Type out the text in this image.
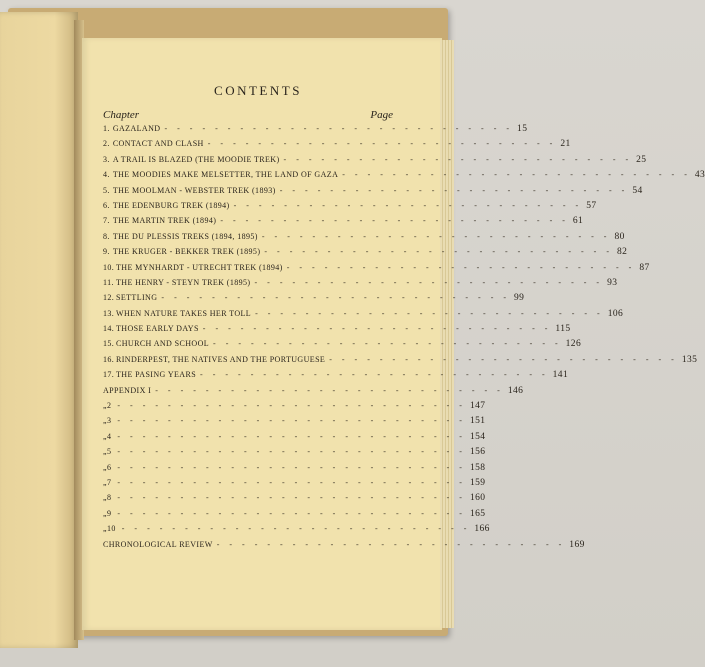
CONTENTS
Chapter	Page
1. GAZALAND - - - - - - - - - - - - - - - - - - - - - - - - - - - - 15
2. CONTACT AND CLASH - - - - - - - - - - - - - - - - - - - - - - - - - - - - 21
3. A TRAIL IS BLAZED (THE MOODIE TREK) - - - - - - - - - - - - - - - - - - - - - - - - - - - - 25
4. THE MOODIES MAKE MELSETTER, THE LAND OF GAZA - - - - - - - - - - - - - - - - - - - - - - - - - - - - 43
5. THE MOOLMAN - WEBSTER TREK (1893) - - - - - - - - - - - - - - - - - - - - - - - - - - - - 54
6. THE EDENBURG TREK (1894) - - - - - - - - - - - - - - - - - - - - - - - - - - - - 57
7. THE MARTIN TREK (1894) - - - - - - - - - - - - - - - - - - - - - - - - - - - - 61
8. THE DU PLESSIS TREKS (1894, 1895) - - - - - - - - - - - - - - - - - - - - - - - - - - - - 80
9. THE KRUGER - BEKKER TREK (1895) - - - - - - - - - - - - - - - - - - - - - - - - - - - - 82
10. THE MYNHARDT - UTRECHT TREK (1894) - - - - - - - - - - - - - - - - - - - - - - - - - - - - 87
11. THE HENRY - STEYN TREK (1895) - - - - - - - - - - - - - - - - - - - - - - - - - - - - 93
12. SETTLING - - - - - - - - - - - - - - - - - - - - - - - - - - - - 99
13. WHEN NATURE TAKES HER TOLL - - - - - - - - - - - - - - - - - - - - - - - - - - - - 106
14. THOSE EARLY DAYS - - - - - - - - - - - - - - - - - - - - - - - - - - - - 115
15. CHURCH AND SCHOOL - - - - - - - - - - - - - - - - - - - - - - - - - - - - 126
16. RINDERPEST, THE NATIVES AND THE PORTUGUESE - - - - - - - - - - - - - - - - - - - - - - - - - - - - 135
17. THE PASING YEARS - - - - - - - - - - - - - - - - - - - - - - - - - - - - 141
APPENDIX I - - - - - - - - - - - - - - - - - - - - - - - - - - - - 146
„ 2 - - - - - - - - - - - - - - - - - - - - - - - - - - - - 147
„ 3 - - - - - - - - - - - - - - - - - - - - - - - - - - - - 151
„ 4 - - - - - - - - - - - - - - - - - - - - - - - - - - - - 154
„ 5 - - - - - - - - - - - - - - - - - - - - - - - - - - - - 156
„ 6 - - - - - - - - - - - - - - - - - - - - - - - - - - - - 158
„ 7 - - - - - - - - - - - - - - - - - - - - - - - - - - - - 159
„ 8 - - - - - - - - - - - - - - - - - - - - - - - - - - - - 160
„ 9 - - - - - - - - - - - - - - - - - - - - - - - - - - - - 165
„ 10 - - - - - - - - - - - - - - - - - - - - - - - - - - - - 166
CHRONOLOGICAL REVIEW - - - - - - - - - - - - - - - - - - - - - - - - - - - - 169
